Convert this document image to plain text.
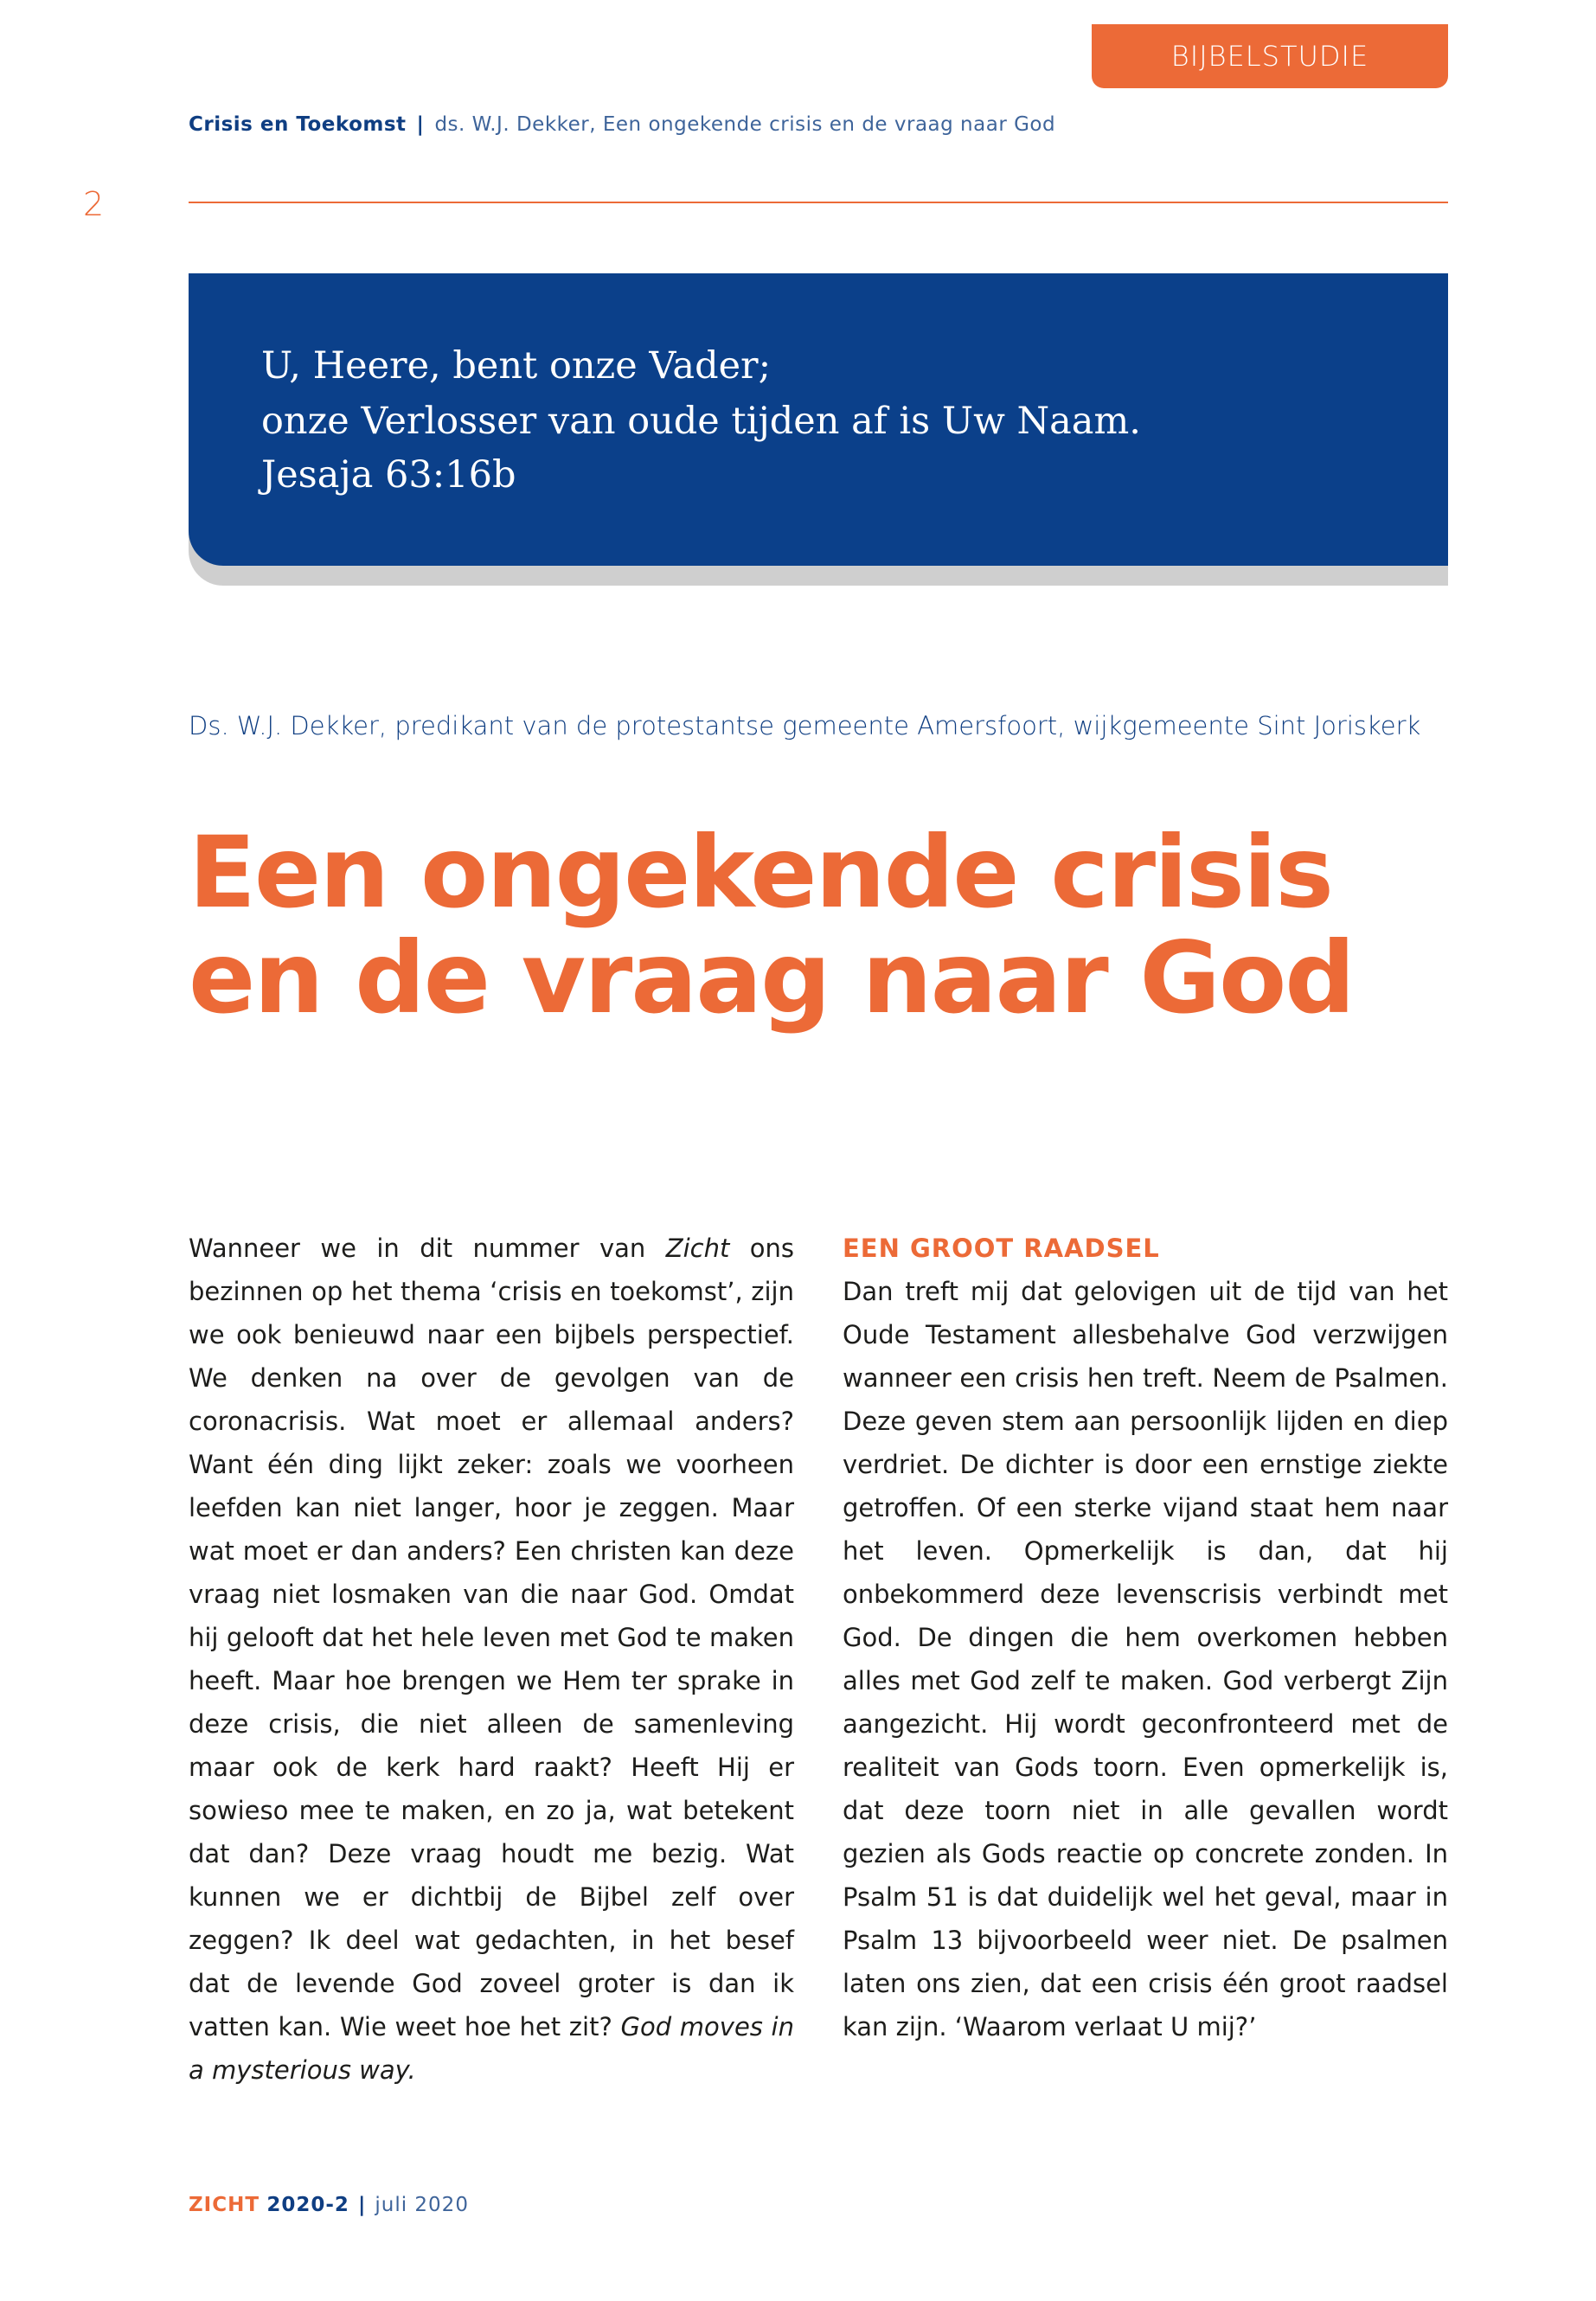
BIJBELSTUDIE
Crisis en Toekomst | ds. W.J. Dekker, Een ongekende crisis en de vraag naar God
2
U, Heere, bent onze Vader;
onze Verlosser van oude tijden af is Uw Naam.
Jesaja 63:16b
Ds. W.J. Dekker, predikant van de protestantse gemeente Amersfoort, wijkgemeente Sint Joriskerk
Een ongekende crisis en de vraag naar God

Wanneer we in dit nummer van Zicht ons bezinnen op het thema ‘crisis en toekomst’, zijn we ook benieuwd naar een bijbels perspectief. We denken na over de gevolgen van de coronacrisis. Wat moet er allemaal anders? Want één ding lijkt zeker: zoals we voorheen leefden kan niet langer, hoor je zeggen. Maar wat moet er dan anders? Een christen kan deze vraag niet losmaken van die naar God. Omdat hij gelooft dat het hele leven met God te maken heeft. Maar hoe brengen we Hem ter sprake in deze crisis, die niet alleen de samenleving maar ook de kerk hard raakt? Heeft Hij er sowieso mee te maken, en zo ja, wat betekent dat dan? Deze vraag houdt me bezig. Wat kunnen we er dichtbij de Bijbel zelf over zeggen? Ik deel wat gedachten, in het besef dat de levende God zoveel groter is dan ik vatten kan. Wie weet hoe het zit? God moves in a mysterious way.

EEN GROOT RAADSEL

Dan treft mij dat gelovigen uit de tijd van het Oude Testament allesbehalve God verzwijgen wanneer een crisis hen treft. Neem de Psalmen. Deze geven stem aan persoonlijk lijden en diep verdriet. De dichter is door een ernstige ziekte getroffen. Of een sterke vijand staat hem naar het leven. Opmerkelijk is dan, dat hij onbekommerd deze levenscrisis verbindt met God. De dingen die hem overkomen hebben alles met God zelf te maken. God verbergt Zijn aangezicht. Hij wordt geconfronteerd met de realiteit van Gods toorn. Even opmerkelijk is, dat deze toorn niet in alle gevallen wordt gezien als Gods reactie op concrete zonden. In Psalm 51 is dat duidelijk wel het geval, maar in Psalm 13 bijvoorbeeld weer niet. De psalmen laten ons zien, dat een crisis één groot raadsel kan zijn. ‘Waarom verlaat U mij?’

ZICHT 2020-2 | juli 2020
